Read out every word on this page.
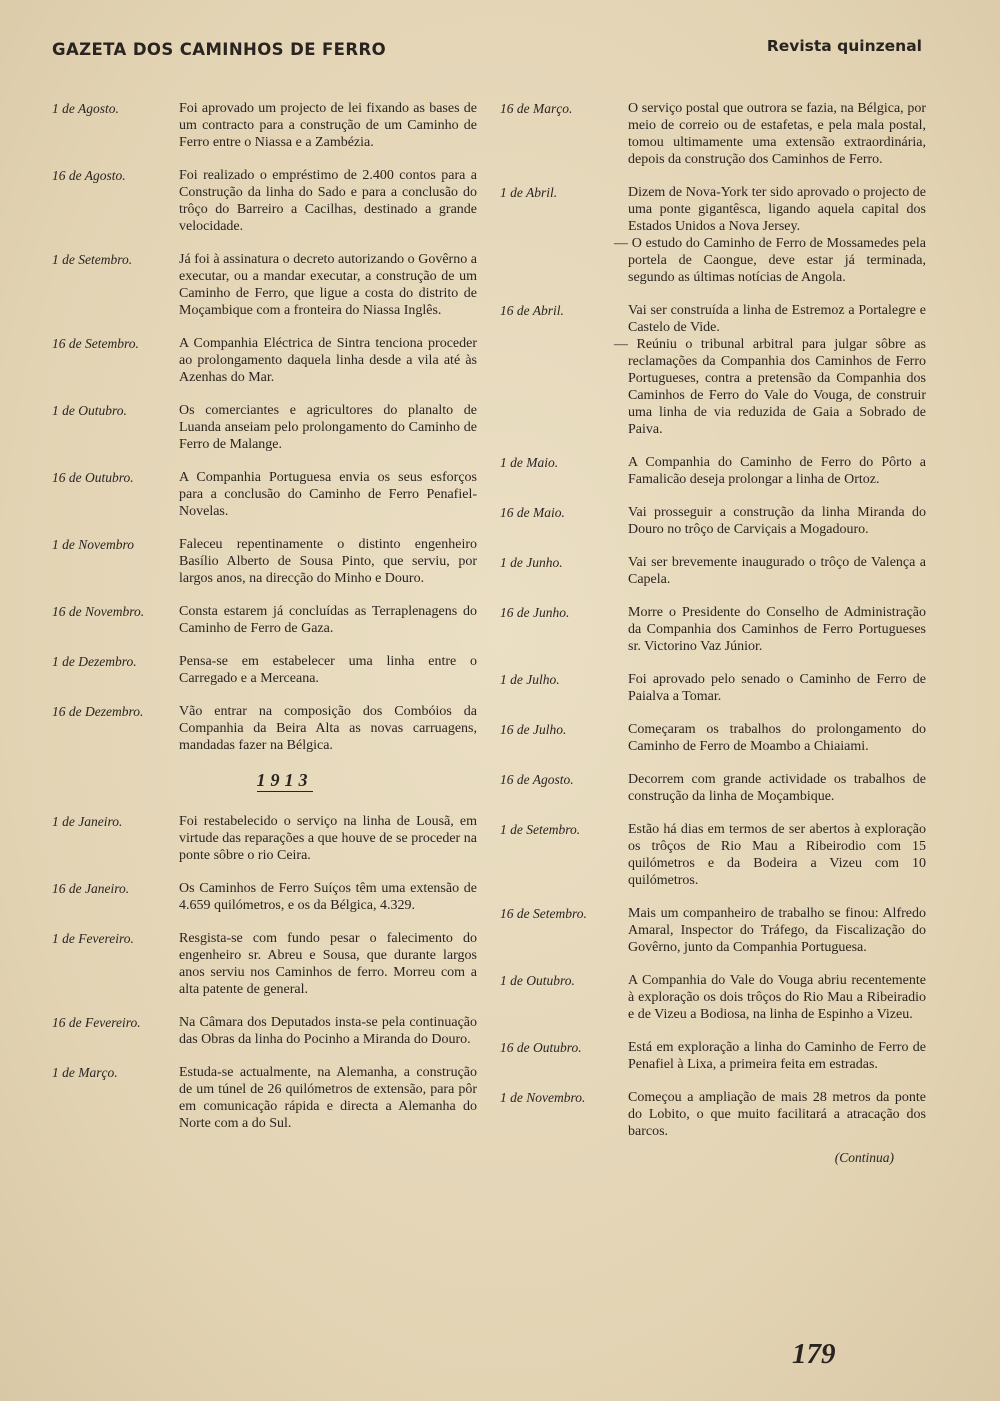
GAZETA DOS CAMINHOS DE FERRO	Revista quinzenal
1 de Agosto.	Foi aprovado um projecto de lei fixando as bases de um contracto para a construção de um Caminho de Ferro entre o Niassa e a Zambézia.

16 de Agosto.	Foi realizado o empréstimo de 2.400 contos para a Construção da linha do Sado e para a conclusão do trôço do Barreiro a Cacilhas, destinado a grande velocidade.

1 de Setembro.	Já foi à assinatura o decreto autorizando o Govêrno a executar, ou a mandar executar, a construção de um Caminho de Ferro, que ligue a costa do distrito de Moçambique com a fronteira do Niassa Inglês.

16 de Setembro.	A Companhia Eléctrica de Sintra tenciona proceder ao prolongamento daquela linha desde a vila até às Azenhas do Mar.

1 de Outubro.	Os comerciantes e agricultores do planalto de Luanda anseiam pelo prolongamento do Caminho de Ferro de Malange.

16 de Outubro.	A Companhia Portuguesa envia os seus esforços para a conclusão do Caminho de Ferro Penafiel-Novelas.

1 de Novembro	Faleceu repentinamente o distinto engenheiro Basílio Alberto de Sousa Pinto, que serviu, por largos anos, na direcção do Minho e Douro.

16 de Novembro.	Consta estarem já concluídas as Terraplenagens do Caminho de Ferro de Gaza.

1 de Dezembro.	Pensa-se em estabelecer uma linha entre o Carregado e a Merceana.

16 de Dezembro.	Vão entrar na composição dos Combóios da Companhia da Beira Alta as novas carruagens, mandadas fazer na Bélgica.

1913
1 de Janeiro.	Foi restabelecido o serviço na linha de Lousã, em virtude das reparações a que houve de se proceder na ponte sôbre o rio Ceira.

16 de Janeiro.	Os Caminhos de Ferro Suíços têm uma extensão de 4.659 quilómetros, e os da Bélgica, 4.329.

1 de Fevereiro.	Resgista-se com fundo pesar o falecimento do engenheiro sr. Abreu e Sousa, que durante largos anos serviu nos Caminhos de ferro. Morreu com a alta patente de general.

16 de Fevereiro.	Na Câmara dos Deputados insta-se pela continuação das Obras da linha do Pocinho a Miranda do Douro.

1 de Março.	Estuda-se actualmente, na Alemanha, a construção de um túnel de 26 quilómetros de extensão, para pôr em comunicação rápida e directa a Alemanha do Norte com a do Sul.

16 de Março.	O serviço postal que outrora se fazia, na Bélgica, por meio de correio ou de estafetas, e pela mala postal, tomou ultimamente uma extensão extraordinária, depois da construção dos Caminhos de Ferro.

1 de Abril.	Dizem de Nova-York ter sido aprovado o projecto de uma ponte gigantêsca, ligando aquela capital dos Estados Unidos a Nova Jersey.

— O estudo do Caminho de Ferro de Mossamedes pela portela de Caongue, deve estar já terminada, segundo as últimas notícias de Angola.

16 de Abril.	Vai ser construída a linha de Estremoz a Portalegre e Castelo de Vide.

— Reúniu o tribunal arbitral para julgar sôbre as reclamações da Companhia dos Caminhos de Ferro Portugueses, contra a pretensão da Companhia dos Caminhos de Ferro do Vale do Vouga, de construir uma linha de via reduzida de Gaia a Sobrado de Paiva.

1 de Maio.	A Companhia do Caminho de Ferro do Pôrto a Famalicão deseja prolongar a linha de Ortoz.

16 de Maio.	Vai prosseguir a construção da linha Miranda do Douro no trôço de Carviçais a Mogadouro.

1 de Junho.	Vai ser brevemente inaugurado o trôço de Valença a Capela.

16 de Junho.	Morre o Presidente do Conselho de Administração da Companhia dos Caminhos de Ferro Portugueses sr. Victorino Vaz Júnior.

1 de Julho.	Foi aprovado pelo senado o Caminho de Ferro de Paialva a Tomar.

16 de Julho.	Começaram os trabalhos do prolongamento do Caminho de Ferro de Moambo a Chiaiami.

16 de Agosto.	Decorrem com grande actividade os trabalhos de construção da linha de Moçambique.

1 de Setembro.	Estão há dias em termos de ser abertos à exploração os trôços de Rio Mau a Ribeirodio com 15 quilómetros e da Bodeira a Vizeu com 10 quilómetros.

16 de Setembro.	Mais um companheiro de trabalho se finou: Alfredo Amaral, Inspector do Tráfego, da Fiscalização do Govêrno, junto da Companhia Portuguesa.

1 de Outubro.	A Companhia do Vale do Vouga abriu recentemente à exploração os dois trôços do Rio Mau a Ribeiradio e de Vizeu a Bodiosa, na linha de Espinho a Vizeu.

16 de Outubro.	Está em exploração a linha do Caminho de Ferro de Penafiel à Lixa, a primeira feita em estradas.

1 de Novembro.	Começou a ampliação de mais 28 metros da ponte do Lobito, o que muito facilitará a atracação dos barcos.

(Continua)
179
